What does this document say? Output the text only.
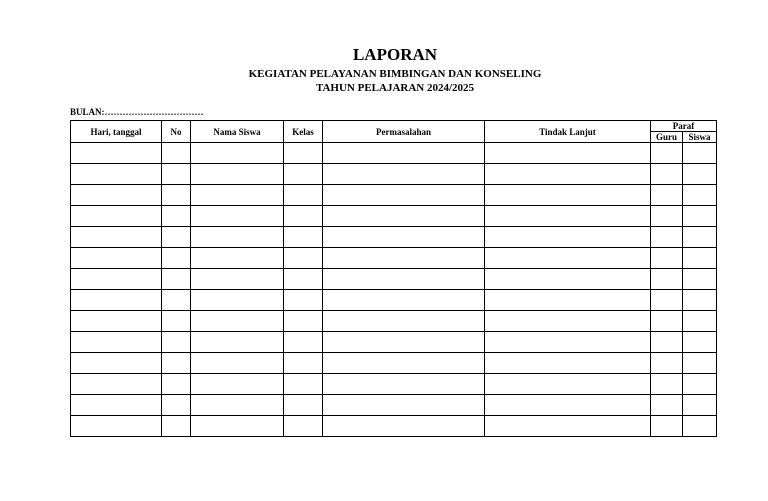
LAPORAN
KEGIATAN PELAYANAN BIMBINGAN DAN KONSELING
TAHUN PELAJARAN 2024/2025
BULAN:……………………………
Hari, tanggal	No	Nama Siswa	Kelas	Permasalahan	Tindak Lanjut	Paraf	
						Guru	Siswa
